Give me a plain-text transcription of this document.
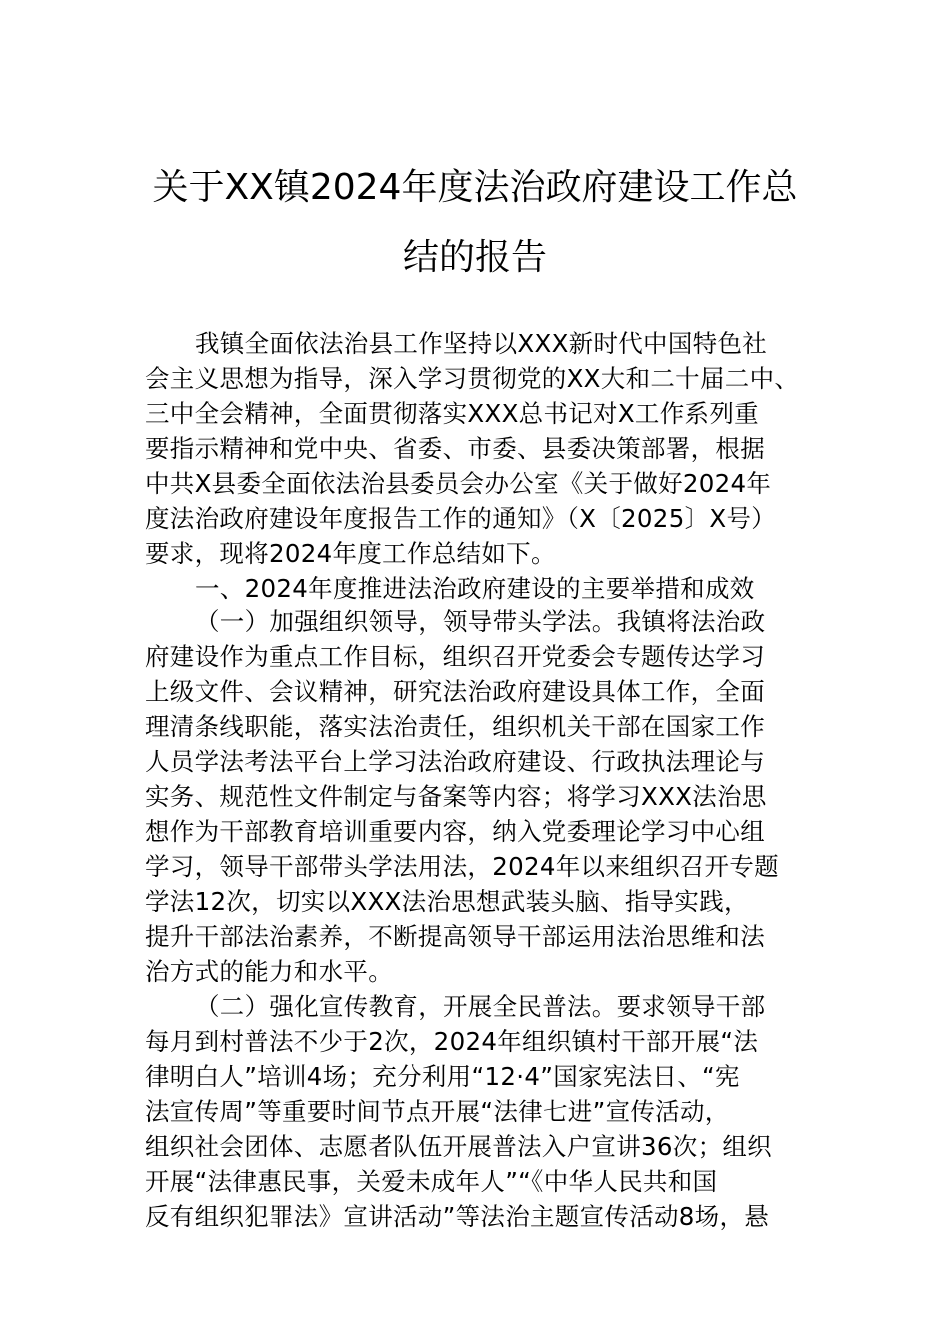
关于XX镇2024年度法治政府建设工作总
结的报告
我镇全面依法治县工作坚持以XXX新时代中国特色社
会主义思想为指导，深入学习贯彻党的XX大和二十届二中、
三中全会精神，全面贯彻落实XXX总书记对X工作系列重
要指示精神和党中央、省委、市委、县委决策部署，根据
中共X县委全面依法治县委员会办公室《关于做好2024年
度法治政府建设年度报告工作的通知》（X〔2025〕X号）
要求，现将2024年度工作总结如下。
一、2024年度推进法治政府建设的主要举措和成效
（一）加强组织领导，领导带头学法。我镇将法治政
府建设作为重点工作目标，组织召开党委会专题传达学习
上级文件、会议精神，研究法治政府建设具体工作，全面
理清条线职能，落实法治责任，组织机关干部在国家工作
人员学法考法平台上学习法治政府建设、行政执法理论与
实务、规范性文件制定与备案等内容；将学习XXX法治思
想作为干部教育培训重要内容，纳入党委理论学习中心组
学习，领导干部带头学法用法，2024年以来组织召开专题
学法12次，切实以XXX法治思想武装头脑、指导实践，
提升干部法治素养，不断提高领导干部运用法治思维和法
治方式的能力和水平。
（二）强化宣传教育，开展全民普法。要求领导干部
每月到村普法不少于2次，2024年组织镇村干部开展“法
律明白人”培训4场；充分利用“12·4”国家宪法日、“宪
法宣传周”等重要时间节点开展“法律七进”宣传活动，
组织社会团体、志愿者队伍开展普法入户宣讲36次；组织
开展“法律惠民事，关爱未成年人”“《中华人民共和国
反有组织犯罪法》宣讲活动”等法治主题宣传活动8场，悬
